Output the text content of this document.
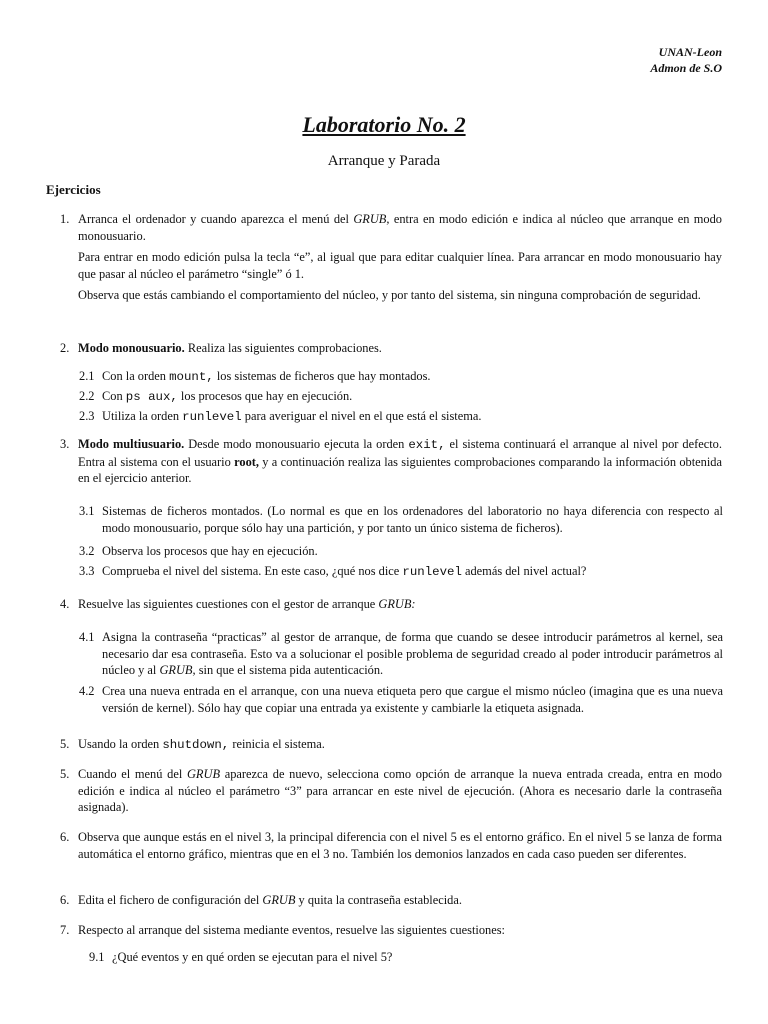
UNAN-Leon
Admon de S.O
Laboratorio No. 2
Arranque y Parada
Ejercicios
1. Arranca el ordenador y cuando aparezca el menú del GRUB, entra en modo edición e indica al núcleo que arranque en modo monousuario.

Para entrar en modo edición pulsa la tecla “e”, al igual que para editar cualquier línea. Para arrancar en modo monousuario hay que pasar al núcleo el parámetro “single” ó 1.

Observa que estás cambiando el comportamiento del núcleo, y por tanto del sistema, sin ninguna comprobación de seguridad.

2. Modo monousuario. Realiza las siguientes comprobaciones.
2.1 Con la orden mount, los sistemas de ficheros que hay montados.
2.2 Con ps aux, los procesos que hay en ejecución.
2.3 Utiliza la orden runlevel para averiguar el nivel en el que está el sistema.
3. Modo multiusuario. Desde modo monousuario ejecuta la orden exit, el sistema continuará el arranque al nivel por defecto. Entra al sistema con el usuario root, y a continuación realiza las siguientes comprobaciones comparando la información obtenida en el ejercicio anterior.
3.1 Sistemas de ficheros montados. (Lo normal es que en los ordenadores del laboratorio no haya diferencia con respecto al modo monousuario, porque sólo hay una partición, y por tanto un único sistema de ficheros).
3.2 Observa los procesos que hay en ejecución.
3.3 Comprueba el nivel del sistema. En este caso, ¿qué nos dice runlevel además del nivel actual?
4. Resuelve las siguientes cuestiones con el gestor de arranque GRUB:
4.1 Asigna la contraseña “practicas” al gestor de arranque, de forma que cuando se desee introducir parámetros al kernel, sea necesario dar esa contraseña. Esto va a solucionar el posible problema de seguridad creado al poder introducir parámetros al núcleo y al GRUB, sin que el sistema pida autenticación.
4.2 Crea una nueva entrada en el arranque, con una nueva etiqueta pero que cargue el mismo núcleo (imagina que es una nueva versión de kernel). Sólo hay que copiar una entrada ya existente y cambiarle la etiqueta asignada.
5. Usando la orden shutdown, reinicia el sistema.
5. Cuando el menú del GRUB aparezca de nuevo, selecciona como opción de arranque la nueva entrada creada, entra en modo edición e indica al núcleo el parámetro “3” para arrancar en este nivel de ejecución. (Ahora es necesario darle la contraseña asignada).
6. Observa que aunque estás en el nivel 3, la principal diferencia con el nivel 5 es el entorno gráfico. En el nivel 5 se lanza de forma automática el entorno gráfico, mientras que en el 3 no. También los demonios lanzados en cada caso pueden ser diferentes.
6. Edita el fichero de configuración del GRUB y quita la contraseña establecida.
7. Respecto al arranque del sistema mediante eventos, resuelve las siguientes cuestiones:
9.1 ¿Qué eventos y en qué orden se ejecutan para el nivel 5?
